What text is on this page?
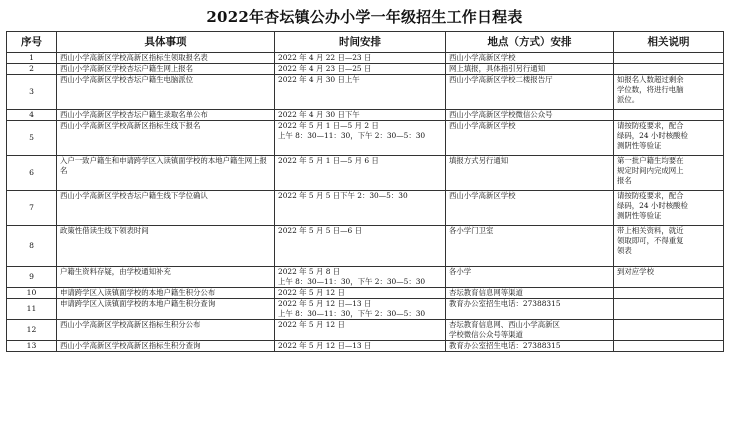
2022年杏坛镇公办小学一年级招生工作日程表
序号	具体事项	时间安排	地点（方式）安排	相关说明
1	西山小学高新区学校高新区指标生领取报名表	2022 年 4 月 22 日—23 日	西山小学高新区学校	

2	西山小学高新区学校杏坛户籍生网上报名	2022 年 4 月 23 日—25 日	网上填报，具体指引另行通知	

3	西山小学高新区学校杏坛户籍生电脑派位	2022 年 4 月 30 日上午	西山小学高新区学校二楼报告厅	如报名人数超过剩余
学位数，将进行电脑
派位。

4	西山小学高新区学校杏坛户籍生录取名单公布	2022 年 4 月 30 日下午	西山小学高新区学校微信公众号	

5	西山小学高新区学校高新区指标生线下报名	2022 年 5 月 1 日—5 月 2 日
上午 8：30—11：30，下午 2：30—5：30	西山小学高新区学校	请按防疫要求，配合
绿码，24 小时核酸检
测阴性等验证

6	入户一致户籍生和申请跨学区入读镇面学校的本地户籍生网上报名	2022 年 5 月 1 日—5 月 6 日	填报方式另行通知	第一批户籍生均要在
规定时间内完成网上
报名

7	西山小学高新区学校杏坛户籍生线下学位确认	2022 年 5 月 5 日下午 2：30—5：30	西山小学高新区学校	请按防疫要求，配合
绿码，24 小时核酸检
测阴性等验证

8	政策性借读生线下领表时间	2022 年 5 月 5 日—6 日	各小学门卫室	带上相关资料，就近
领取即可，不得重复
领表

9	户籍生资料存疑，由学校通知补充	2022 年 5 月 8 日
上午 8：30—11：30，下午 2：30—5：30	各小学	到对应学校

10	申请跨学区入读镇面学校的本地户籍生积分公布	2022 年 5 月 12 日	杏坛教育信息网等渠道	

11	申请跨学区入读镇面学校的本地户籍生积分查询	2022 年 5 月 12 日—13 日
上午 8：30—11：30，下午 2：30—5：30	教育办公室招生电话：27388315	

12	西山小学高新区学校高新区指标生积分公布	2022 年 5 月 12 日	杏坛教育信息网、西山小学高新区
学校微信公众号等渠道	

13	西山小学高新区学校高新区指标生积分查询	2022 年 5 月 12 日—13 日	教育办公室招生电话：27388315	
